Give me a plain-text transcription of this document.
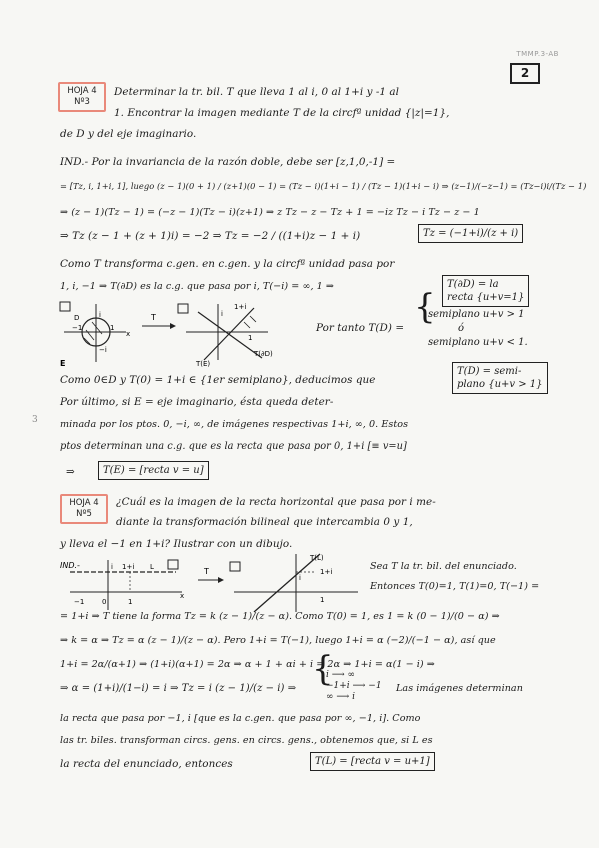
TMMP.3-AB
2
HOJA 4
Nº3
Determinar la tr. bil. T que lleva 1 al i, 0 al 1+i y -1 al
1. Encontrar la imagen mediante T de la circfª unidad {|z|=1},
de D y del eje imaginario.
IND.- Por la invariancia de la razón doble, debe ser [z,1,0,-1] =
= [Tz, i, 1+i, 1], luego (z − 1)(0 + 1) / (z+1)(0 − 1) = (Tz − i)(1+i − 1) / (Tz − 1)(1+i − i) ⇒ (z−1)/(−z−1) = (Tz−i)i/(Tz − 1)
⇒ (z − 1)(Tz − 1) = (−z − 1)(Tz − i)(z+1) ⇒ z Tz − z − Tz + 1 = −iz Tz − i Tz − z − 1
⇒ Tz (z − 1 + (z + 1)i) = −2 ⇒ Tz = −2 / ((1+i)z − 1 + i)	Tz = (−1+i)/(z + i)
Como T transforma c.gen. en c.gen. y la circfª unidad pasa por
1, i, −1 ⇒ T(∂D) es la c.g. que pasa por i, T(−i) = ∞, 1 ⇒	T(∂D) = la
recta {u+v=1}
i
−1	1
x
−i
D
E
T
1+i
i
T(E)
T(∂D)
1
Por tanto T(D) =
{
semiplano u+v > 1
ó
semiplano u+v < 1.
Como 0∈D y T(0) = 1+i ∈ {1er semiplano}, deducimos que
T(D) = semi-
plano {u+v > 1}
Por último, si E = eje imaginario, ésta queda deter-
minada por los ptos. 0, −i, ∞, de imágenes respectivas 1+i, ∞, 0. Estos
ptos determinan una c.g. que es la recta que pasa por 0, 1+i [≡ v=u]
⇒	T(E) = [recta v = u]
HOJA 4
Nº5
¿Cuál es la imagen de la recta horizontal que pasa por i me-
diante la transformación bilineal que intercambia 0 y 1,
y lleva el −1 en 1+i? Ilustrar con un dibujo.
IND.-	i 1+i L
−1	0	1
x
T
T(L)
1+i
i
1
Sea T la tr. bil. del enunciado.
Entonces T(0)=1, T(1)=0, T(−1) =
= 1+i ⇒ T tiene la forma Tz = k (z − 1)/(z − α). Como T(0) = 1, es 1 = k (0 − 1)/(0 − α) ⇒
⇒ k = α ⇒ Tz = α (z − 1)/(z − α). Pero 1+i = T(−1), luego 1+i = α (−2)/(−1 − α), así que
1+i = 2α/(α+1) ⇒ (1+i)(α+1) = 2α ⇒ α + 1 + αi + i = 2α ⇒ 1+i = α(1 − i) ⇒
⇒ α = (1+i)/(1−i) = i ⇒ Tz = i (z − 1)/(z − i) ⇒ {
i ⟶ ∞
−1+i ⟶ −1
∞ ⟶ i
Las imágenes determinan
la recta que pasa por −1, i [que es la c.gen. que pasa por ∞, −1, i]. Como
las tr. biles. transforman circs. gens. en circs. gens., obtenemos que, si L es
la recta del enunciado, entonces	T(L) = [recta v = u+1]
3
